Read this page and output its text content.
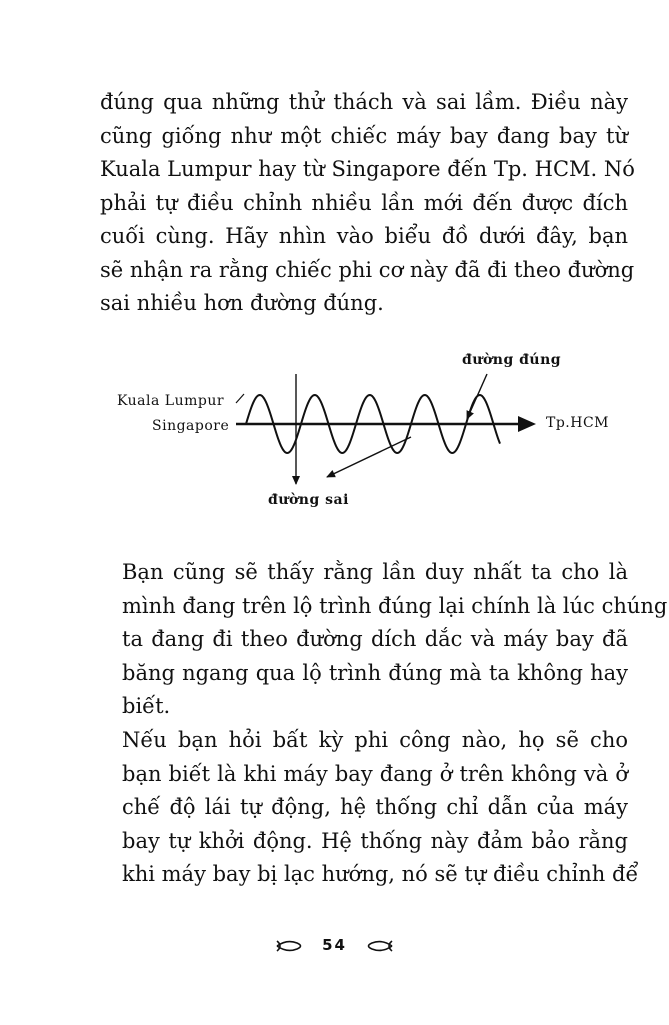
đúng qua những thử thách và sai lầm. Điều này
cũng giống như một chiếc máy bay đang bay từ
Kuala Lumpur hay từ Singapore đến Tp. HCM. Nó
phải tự điều chỉnh nhiều lần mới đến được đích
cuối cùng. Hãy nhìn vào biểu đồ dưới đây, bạn
sẽ nhận ra rằng chiếc phi cơ này đã đi theo đường
sai nhiều hơn đường đúng.
đường đúng
Kuala Lumpur
Singapore	Tp.HCM
đường sai
Bạn cũng sẽ thấy rằng lần duy nhất ta cho là
mình đang trên lộ trình đúng lại chính là lúc chúng
ta đang đi theo đường dích dắc và máy bay đã
băng ngang qua lộ trình đúng mà ta không hay
biết.
Nếu bạn hỏi bất kỳ phi công nào, họ sẽ cho
bạn biết là khi máy bay đang ở trên không và ở
chế độ lái tự động, hệ thống chỉ dẫn của máy
bay tự khởi động. Hệ thống này đảm bảo rằng
khi máy bay bị lạc hướng, nó sẽ tự điều chỉnh để
54
